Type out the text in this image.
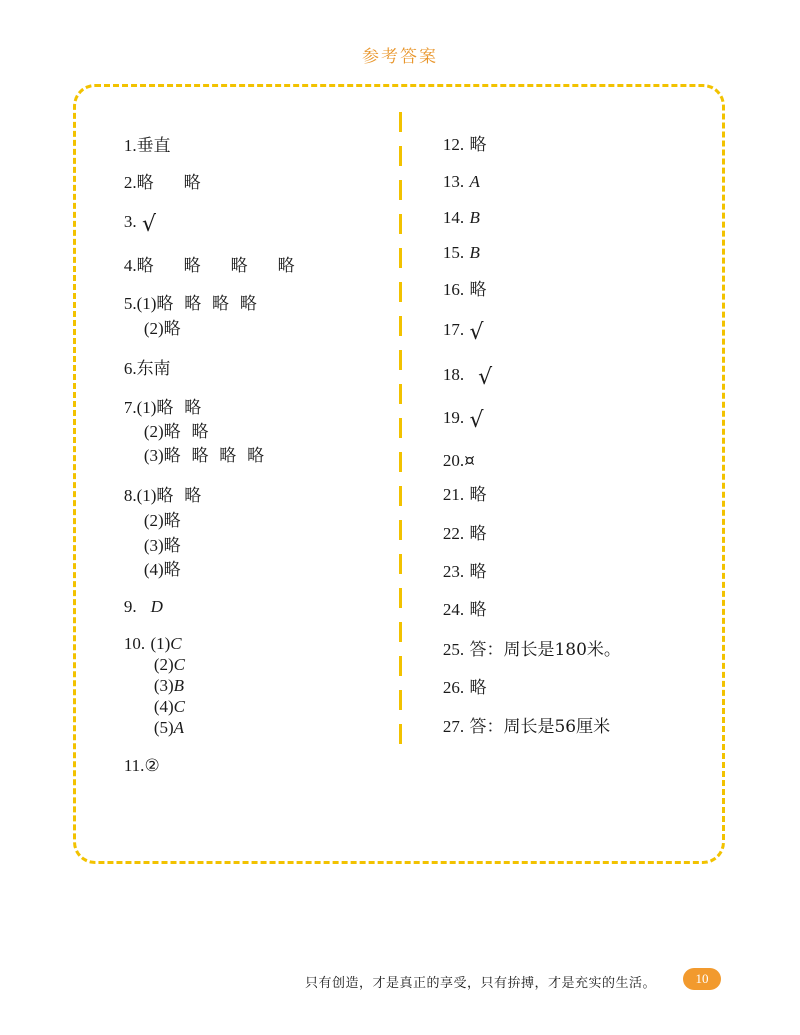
参考答案

1.垂直

2.略 略

3. √

4.略 略 略 略

5.(1)略  略  略  略

(2)略

6.东南

7.(1)略  略

(2)略  略

(3)略  略  略  略

8.(1)略  略

(2)略

(3)略

(4)略

9. D

10. (1)C

(2)C

(3)B

(4)C

(5)A

11.②

12. 略

13. A

14. B

15. B

16. 略

17. √

18. √

19. √

20.¤

21. 略

22. 略

23. 略

24. 略

25. 答：周长是180米。

26. 略

27. 答：周长是56厘米

只有创造，才是真正的享受，只有拚搏，才是充实的生活。	10
